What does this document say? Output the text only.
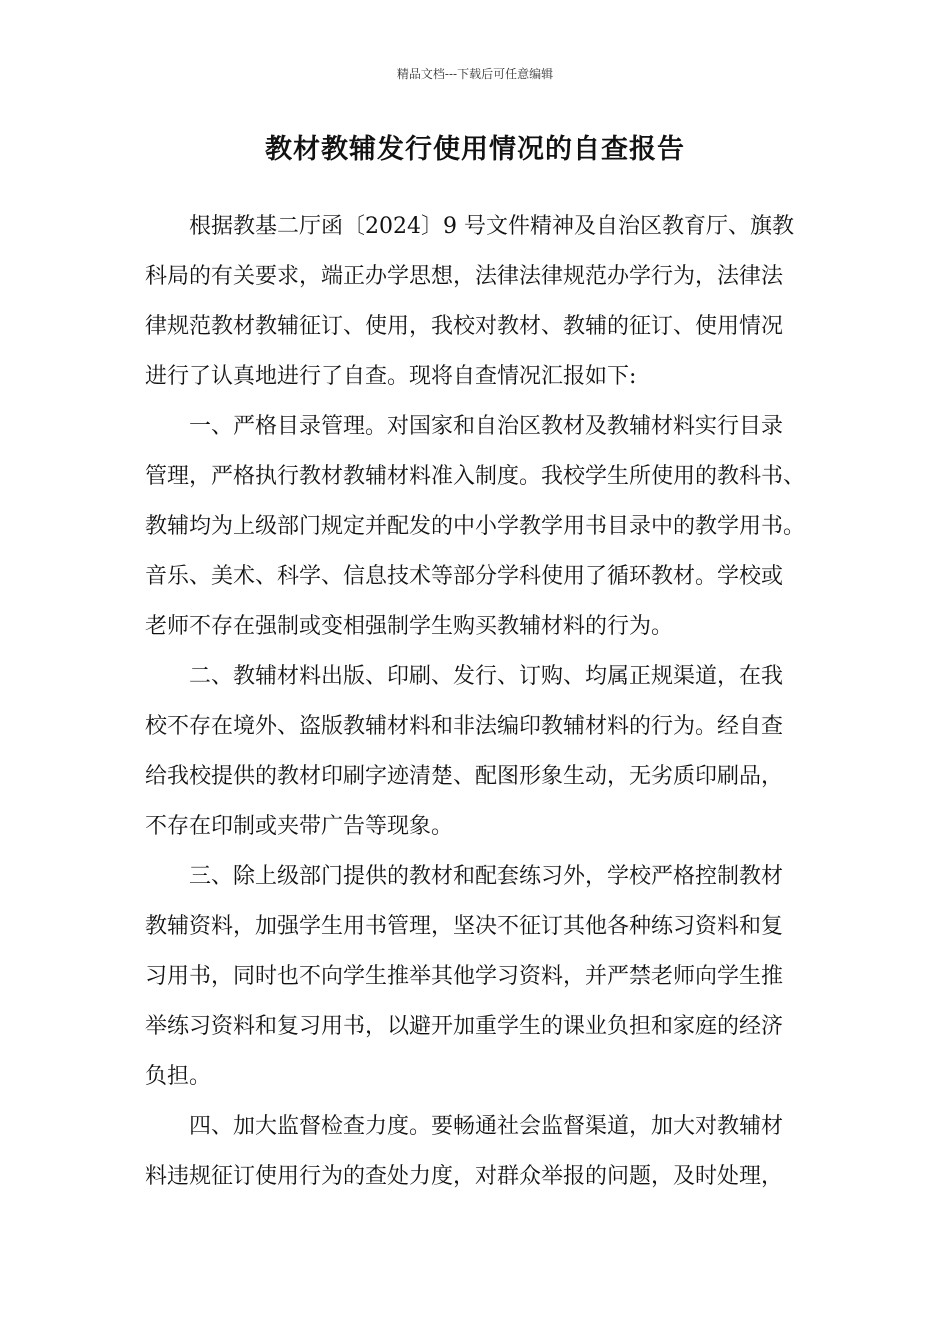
精品文档---下载后可任意编辑
教材教辅发行使用情况的自查报告
根据教基二厅函〔2024〕9 号文件精神及自治区教育厅、旗教
科局的有关要求，端正办学思想，法律法律规范办学行为，法律法
律规范教材教辅征订、使用，我校对教材、教辅的征订、使用情况
进行了认真地进行了自查。现将自查情况汇报如下:
一、严格目录管理。对国家和自治区教材及教辅材料实行目录
管理，严格执行教材教辅材料准入制度。我校学生所使用的教科书、
教辅均为上级部门规定并配发的中小学教学用书目录中的教学用书。
音乐、美术、科学、信息技术等部分学科使用了循环教材。学校或
老师不存在强制或变相强制学生购买教辅材料的行为。
二、教辅材料出版、印刷、发行、订购、均属正规渠道，在我
校不存在境外、盗版教辅材料和非法编印教辅材料的行为。经自查
给我校提供的教材印刷字迹清楚、配图形象生动，无劣质印刷品，
不存在印制或夹带广告等现象。
三、除上级部门提供的教材和配套练习外，学校严格控制教材
教辅资料，加强学生用书管理，坚决不征订其他各种练习资料和复
习用书，同时也不向学生推举其他学习资料，并严禁老师向学生推
举练习资料和复习用书，以避开加重学生的课业负担和家庭的经济
负担。
四、加大监督检查力度。要畅通社会监督渠道，加大对教辅材
料违规征订使用行为的查处力度，对群众举报的问题，及时处理，
